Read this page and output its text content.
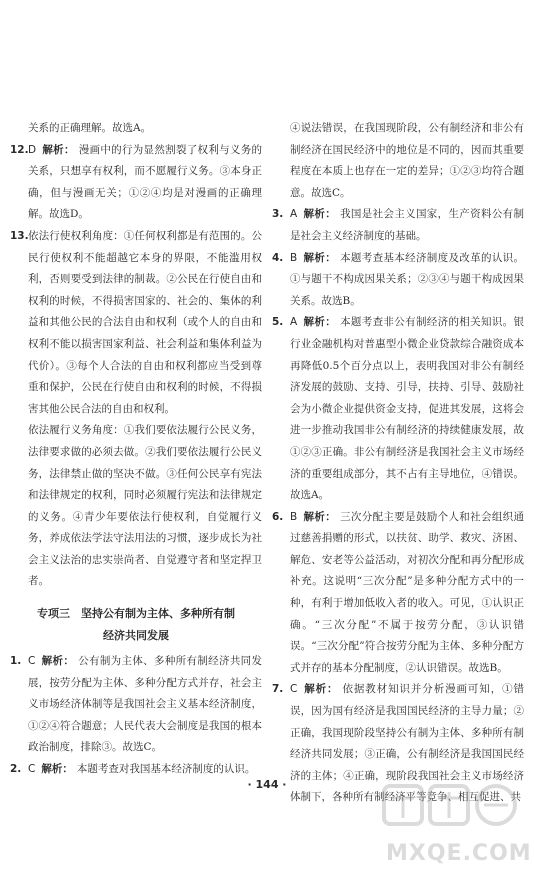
关系的正确理解。故选A。

12. D 解析： 漫画中的行为显然割裂了权利与义务的关系，只想享有权利，而不愿履行义务。③本身正确，但与漫画无关；①②④均是对漫画的正确理解。故选D。

13. 依法行使权利角度：①任何权利都是有范围的。公民行使权利不能超越它本身的界限，不能滥用权利，否则要受到法律的制裁。②公民在行使自由和权利的时候，不得损害国家的、社会的、集体的利益和其他公民的合法自由和权利（或个人的自由和权利不能以损害国家利益、社会利益和集体利益为代价）。③每个人合法的自由和权利都应当受到尊重和保护，公民在行使自由和权利的时候，不得损害其他公民合法的自由和权利。

依法履行义务角度：①我们要依法履行公民义务，法律要求做的必须去做。②我们要依法履行公民义务，法律禁止做的坚决不做。③任何公民享有宪法和法律规定的权利，同时必须履行宪法和法律规定的义务。④青少年要依法行使权利，自觉履行义务，养成依法学法守法用法的习惯，逐步成长为社会主义法治的忠实崇尚者、自觉遵守者和坚定捍卫者。

专项三　坚持公有制为主体、多种所有制
经济共同发展

1. C 解析： 公有制为主体、多种所有制经济共同发展，按劳分配为主体、多种分配方式并存，社会主义市场经济体制等是我国社会主义基本经济制度，①②④符合题意；人民代表大会制度是我国的根本政治制度，排除③。故选C。

2. C 解析： 本题考查对我国基本经济制度的认识。

④说法错误，在我国现阶段，公有制经济和非公有制经济在国民经济中的地位是不同的，因而其重要程度在本质上也存在一定的差异；①②③均符合题意。故选C。

3. A 解析： 我国是社会主义国家，生产资料公有制是社会主义经济制度的基础。

4. B 解析： 本题考查基本经济制度及改革的认识。①与题干不构成因果关系；②③④与题干构成因果关系。故选B。

5. A 解析： 本题考查非公有制经济的相关知识。银行业金融机构对普惠型小微企业贷款综合融资成本再降低0.5个百分点以上，表明我国对非公有制经济发展的鼓励、支持、引导，扶持、引导、鼓励社会为小微企业提供资金支持，促进其发展，这将会进一步推动我国非公有制经济的持续健康发展，故①②③正确。非公有制经济是我国社会主义市场经济的重要组成部分，其不占有主导地位，④错误。故选A。

6. B 解析： 三次分配主要是鼓励个人和社会组织通过慈善捐赠的形式，以扶贫、助学、救灾、济困、解危、安老等公益活动，对初次分配和再分配形成补充。这说明“三次分配”是多种分配方式中的一种，有利于增加低收入者的收入。可见，①认识正确。“三次分配”不属于按劳分配，③认识错误。“三次分配”符合按劳分配为主体、多种分配方式并存的基本分配制度，②认识错误。故选B。

7. C 解析： 依据教材知识并分析漫画可知，①错误，因为国有经济是我国国民经济的主导力量；②正确，我国现阶段坚持公有制为主体、多种所有制经济共同发展；③正确，公有制经济是我国国民经济的主体；④正确，现阶段我国社会主义市场经济体制下，各种所有制经济平等竞争、相互促进、共

· 144 ·
MXQE.COM
